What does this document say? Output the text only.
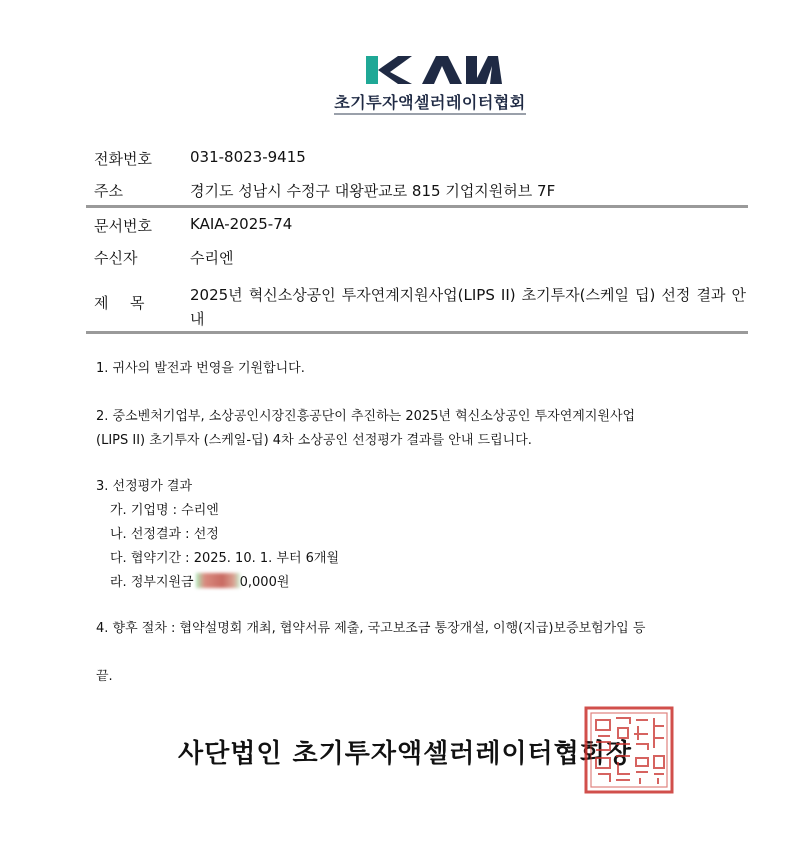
초기투자액셀러레이터협회
전화번호	031-8023-9415
주소	경기도 성남시 수정구 대왕판교로 815 기업지원허브 7F
문서번호	KAIA-2025-74
수신자	수리엔
제  목	2025년 혁신소상공인 투자연계지원사업(LIPS II) 초기투자(스케일 딥) 선정 결과 안내
1. 귀사의 발전과 번영을 기원합니다.
2. 중소벤처기업부, 소상공인시장진흥공단이 추진하는 2025년 혁신소상공인 투자연계지원사업
(LIPS II) 초기투자 (스케일-딥) 4차 소상공인 선정평가 결과를 안내 드립니다.
3. 선정평가 결과
가. 기업명 : 수리엔
나. 선정결과 : 선정
다. 협약기간 : 2025. 10. 1. 부터 6개월
라. 정부지원금	0,000원
4. 향후 절차 : 협약설명회 개최, 협약서류 제출, 국고보조금 통장개설, 이행(지급)보증보험가입 등
끝.
사단법인 초기투자액셀러레이터협회장
